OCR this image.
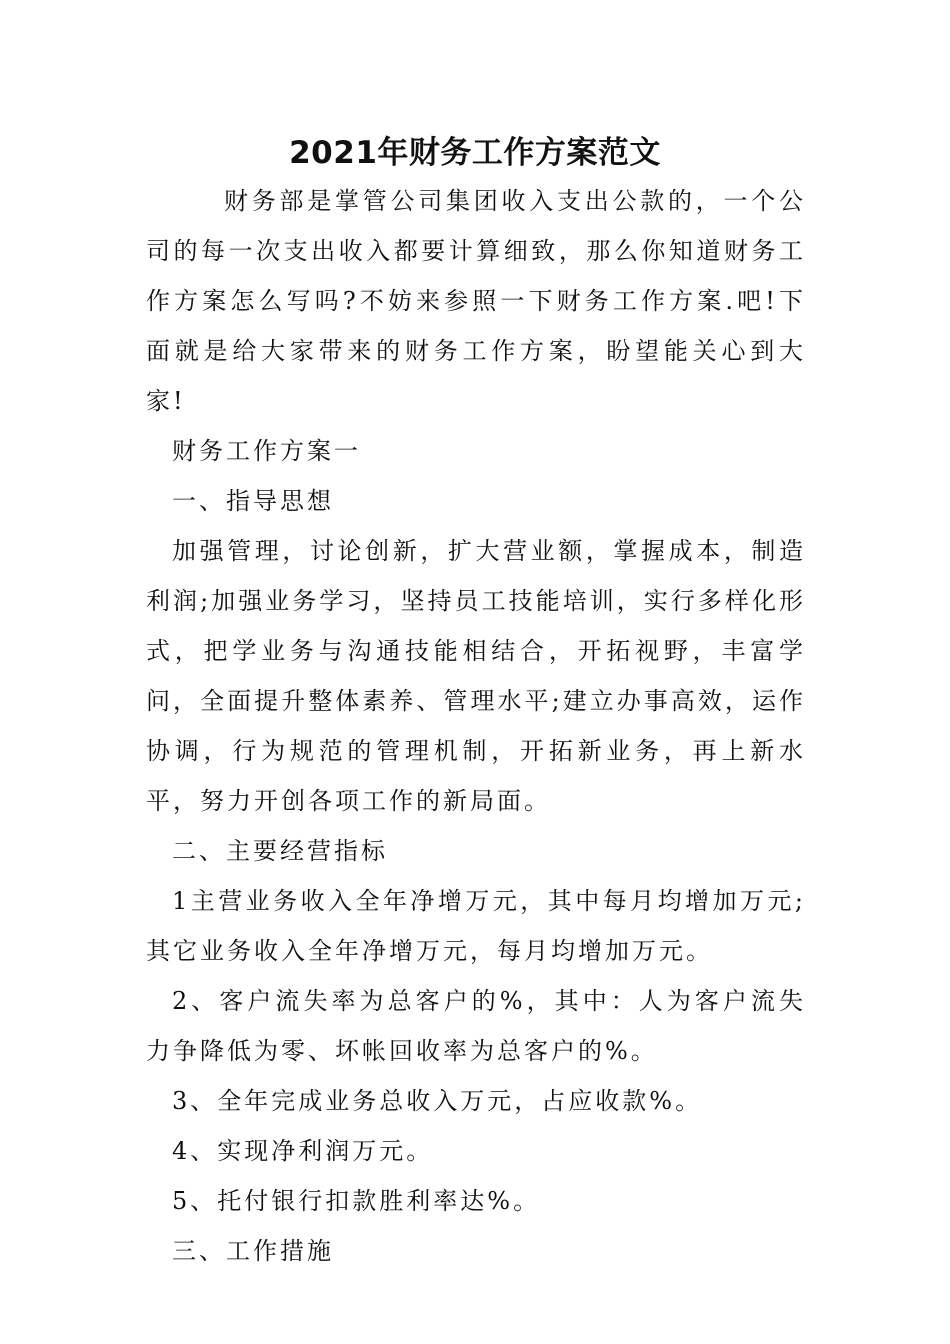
2021年财务工作方案范文

财务部是掌管公司集团收入支出公款的，一个公司的每一次支出收入都要计算细致，那么你知道财务工作方案怎么写吗?不妨来参照一下财务工作方案.吧!下面就是给大家带来的财务工作方案，盼望能关心到大家!

财务工作方案一

一、指导思想

加强管理，讨论创新，扩大营业额，掌握成本，制造利润;加强业务学习，坚持员工技能培训，实行多样化形式，把学业务与沟通技能相结合，开拓视野，丰富学问，全面提升整体素养、管理水平;建立办事高效，运作协调，行为规范的管理机制，开拓新业务，再上新水平，努力开创各项工作的新局面。

二、主要经营指标

1主营业务收入全年净增万元，其中每月均增加万元;其它业务收入全年净增万元，每月均增加万元。

2、客户流失率为总客户的%，其中：人为客户流失力争降低为零、坏帐回收率为总客户的%。

3、全年完成业务总收入万元，占应收款%。

4、实现净利润万元。

5、托付银行扣款胜利率达%。

三、工作措施
